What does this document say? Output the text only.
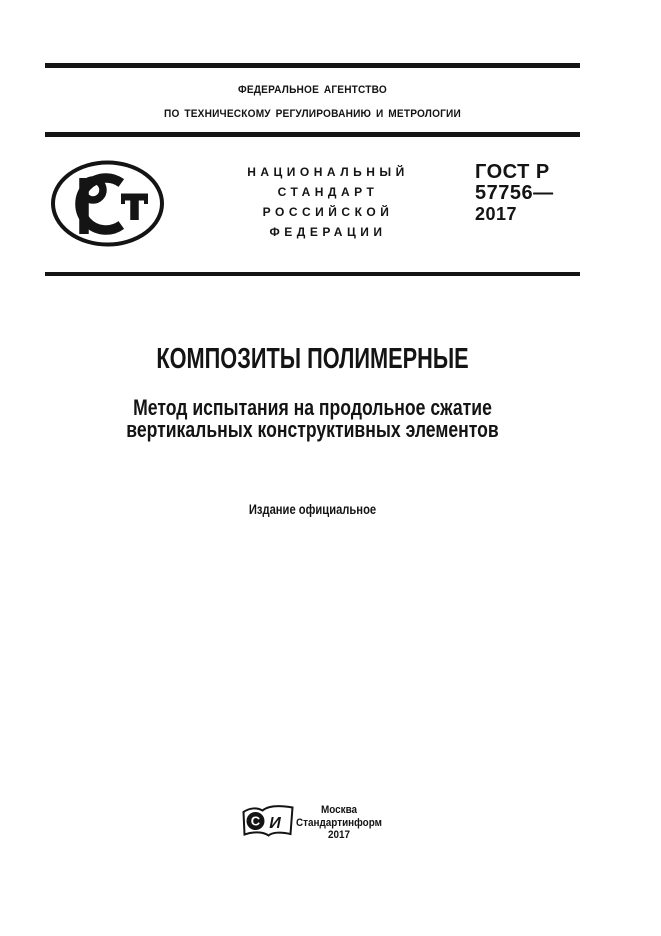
ФЕДЕРАЛЬНОЕ АГЕНТСТВО
ПО ТЕХНИЧЕСКОМУ РЕГУЛИРОВАНИЮ И МЕТРОЛОГИИ
НАЦИОНАЛЬНЫЙ
СТАНДАРТ
РОССИЙСКОЙ
ФЕДЕРАЦИИ
ГОСТ Р
57756—
2017
КОМПОЗИТЫ ПОЛИМЕРНЫЕ
Метод испытания на продольное сжатие
вертикальных конструктивных элементов
Издание официальное
С И
Москва
Стандартинформ
2017
